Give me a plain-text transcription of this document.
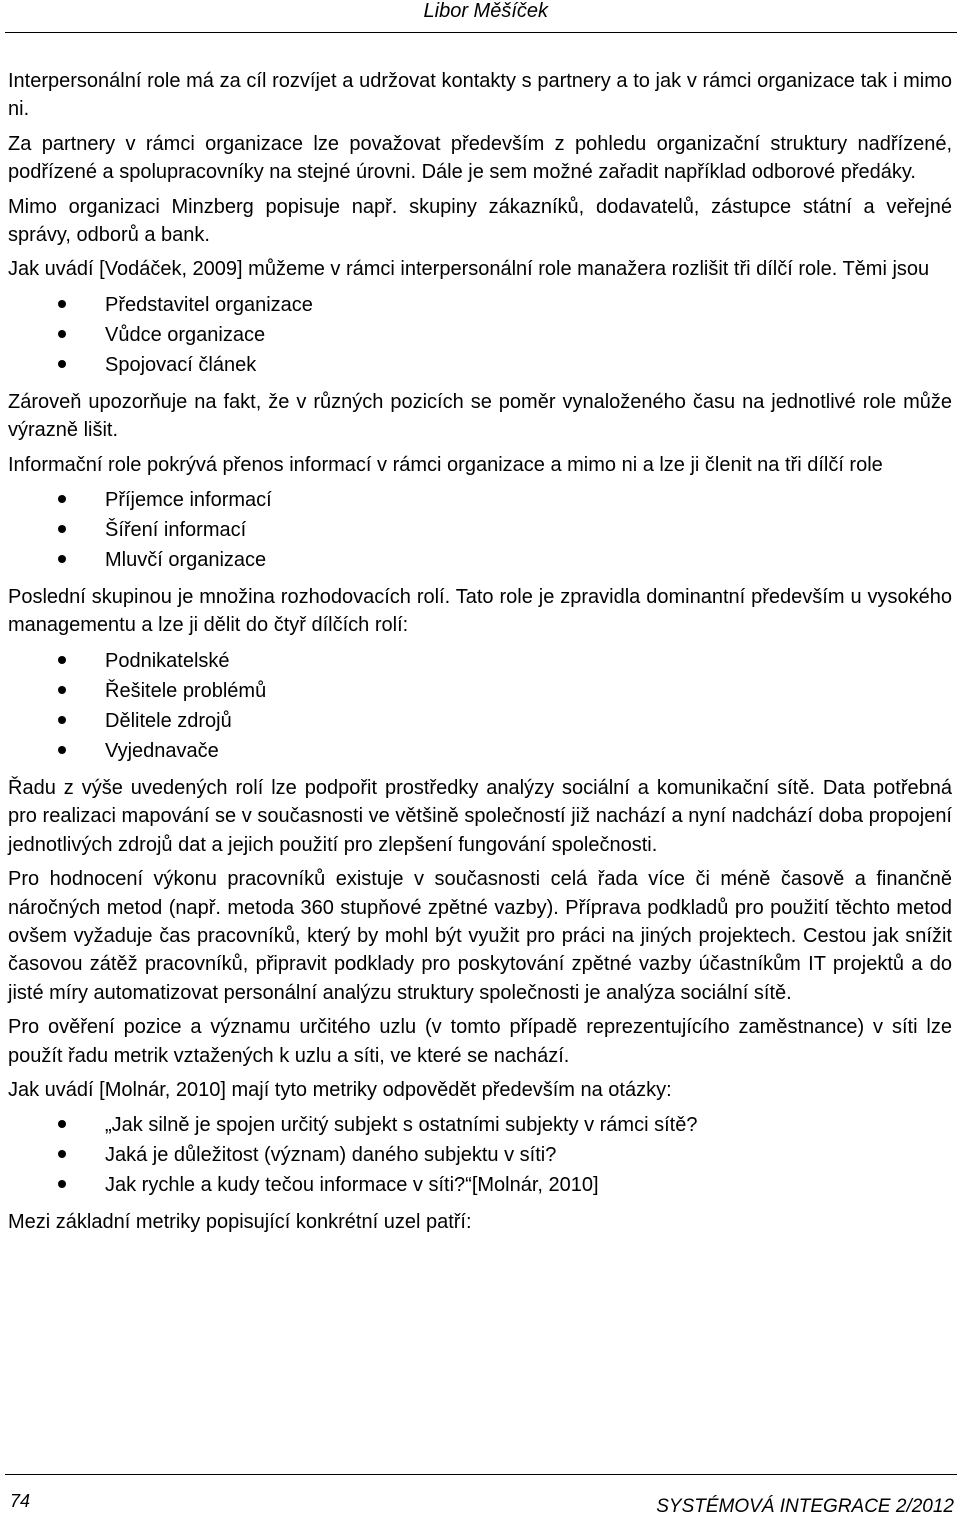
Libor Měšíček

Interpersonální role má za cíl rozvíjet a udržovat kontakty s partnery a to jak v rámci organizace tak i mimo ni.

Za partnery v rámci organizace lze považovat především z pohledu organizační struktury nadřízené, podřízené a spolupracovníky na stejné úrovni. Dále je sem možné zařadit například odborové předáky.

Mimo organizaci Minzberg popisuje např. skupiny zákazníků, dodavatelů, zástupce státní a veřejné správy, odborů a bank.

Jak uvádí [Vodáček, 2009] můžeme v rámci interpersonální role manažera rozlišit tři dílčí role. Těmi jsou

Představitel organizace
Vůdce organizace
Spojovací článek

Zároveň upozorňuje na fakt, že v různých pozicích se poměr vynaloženého času na jednotlivé role může výrazně lišit.

Informační role pokrývá přenos informací v rámci organizace a mimo ni a lze ji členit na tři dílčí role

Příjemce informací
Šíření informací
Mluvčí organizace

Poslední skupinou je množina rozhodovacích rolí. Tato role je zpravidla dominantní především u vysokého managementu a lze ji dělit do čtyř dílčích rolí:

Podnikatelské
Řešitele problémů
Dělitele zdrojů
Vyjednavače

Řadu z výše uvedených rolí lze podpořit prostředky analýzy sociální a komunikační sítě. Data potřebná pro realizaci mapování se v současnosti ve většině společností již nachází a nyní nadchází doba propojení jednotlivých zdrojů dat a jejich použití pro zlepšení fungování společnosti.

Pro hodnocení výkonu pracovníků existuje v současnosti celá řada více či méně časově a finančně náročných metod (např. metoda 360 stupňové zpětné vazby). Příprava podkladů pro použití těchto metod ovšem vyžaduje čas pracovníků, který by mohl být využit pro práci na jiných projektech. Cestou jak snížit časovou zátěž pracovníků, připravit podklady pro poskytování zpětné vazby účastníkům IT projektů a do jisté míry automatizovat personální analýzu struktury společnosti je analýza sociální sítě.

Pro ověření pozice a významu určitého uzlu (v tomto případě reprezentujícího zaměstnance) v síti lze použít řadu metrik vztažených k uzlu a síti, ve které se nachází.

Jak uvádí [Molnár, 2010] mají tyto metriky odpovědět především na otázky:

„Jak silně je spojen určitý subjekt s ostatními subjekty v rámci sítě?
Jaká je důležitost (význam) daného subjektu v síti?
Jak rychle a kudy tečou informace v síti?“[Molnár, 2010]

Mezi základní metriky popisující konkrétní uzel patří:

74	SYSTÉMOVÁ INTEGRACE 2/2012
